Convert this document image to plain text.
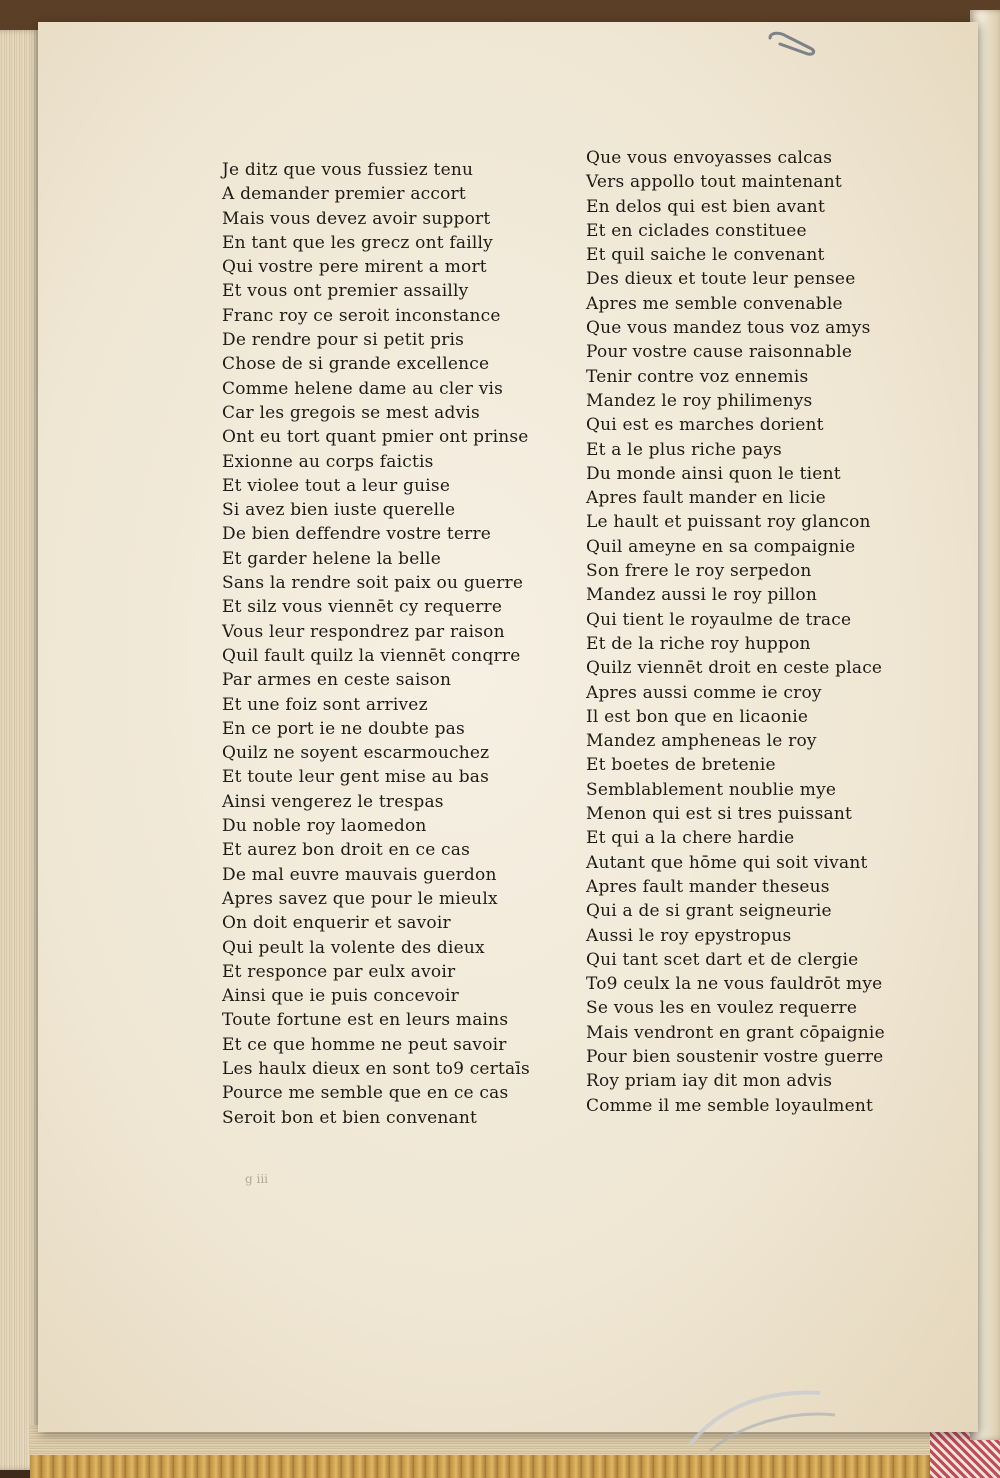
Je ditz que vous fussiez tenu
A demander premier accort
Mais vous devez avoir support
En tant que les grecz ont failly
Qui vostre pere mirent a mort
Et vous ont premier assailly
Franc roy ce seroit inconstance
De rendre pour si petit pris
Chose de si grande excellence
Comme helene dame au cler vis
Car les gregois se mest advis
Ont eu tort quant pmier ont prinse
Exionne au corps faictis
Et violee tout a leur guise
Si avez bien iuste querelle
De bien deffendre vostre terre
Et garder helene la belle
Sans la rendre soit paix ou guerre
Et silz vous viennēt cy requerre
Vous leur respondrez par raison
Quil fault quilz la viennēt conqrre
Par armes en ceste saison
Et une foiz sont arrivez
En ce port ie ne doubte pas
Quilz ne soyent escarmouchez
Et toute leur gent mise au bas
Ainsi vengerez le trespas
Du noble roy laomedon
Et aurez bon droit en ce cas
De mal euvre mauvais guerdon
Apres savez que pour le mieulx
On doit enquerir et savoir
Qui peult la volente des dieux
Et responce par eulx avoir
Ainsi que ie puis concevoir
Toute fortune est en leurs mains
Et ce que homme ne peut savoir
Les haulx dieux en sont to9 certaīs
Pource me semble que en ce cas
Seroit bon et bien convenant
Que vous envoyasses calcas
Vers appollo tout maintenant
En delos qui est bien avant
Et en ciclades constituee
Et quil saiche le convenant
Des dieux et toute leur pensee
Apres me semble convenable
Que vous mandez tous voz amys
Pour vostre cause raisonnable
Tenir contre voz ennemis
Mandez le roy philimenys
Qui est es marches dorient
Et a le plus riche pays
Du monde ainsi quon le tient
Apres fault mander en licie
Le hault et puissant roy glancon
Quil ameyne en sa compaignie
Son frere le roy serpedon
Mandez aussi le roy pillon
Qui tient le royaulme de trace
Et de la riche roy huppon
Quilz viennēt droit en ceste place
Apres aussi comme ie croy
Il est bon que en licaonie
Mandez ampheneas le roy
Et boetes de bretenie
Semblablement noublie mye
Menon qui est si tres puissant
Et qui a la chere hardie
Autant que hōme qui soit vivant
Apres fault mander theseus
Qui a de si grant seigneurie
Aussi le roy epystropus
Qui tant scet dart et de clergie
To9 ceulx la ne vous fauldrōt mye
Se vous les en voulez requerre
Mais vendront en grant cōpaignie
Pour bien soustenir vostre guerre
Roy priam iay dit mon advis
Comme il me semble loyaulment
g iii
